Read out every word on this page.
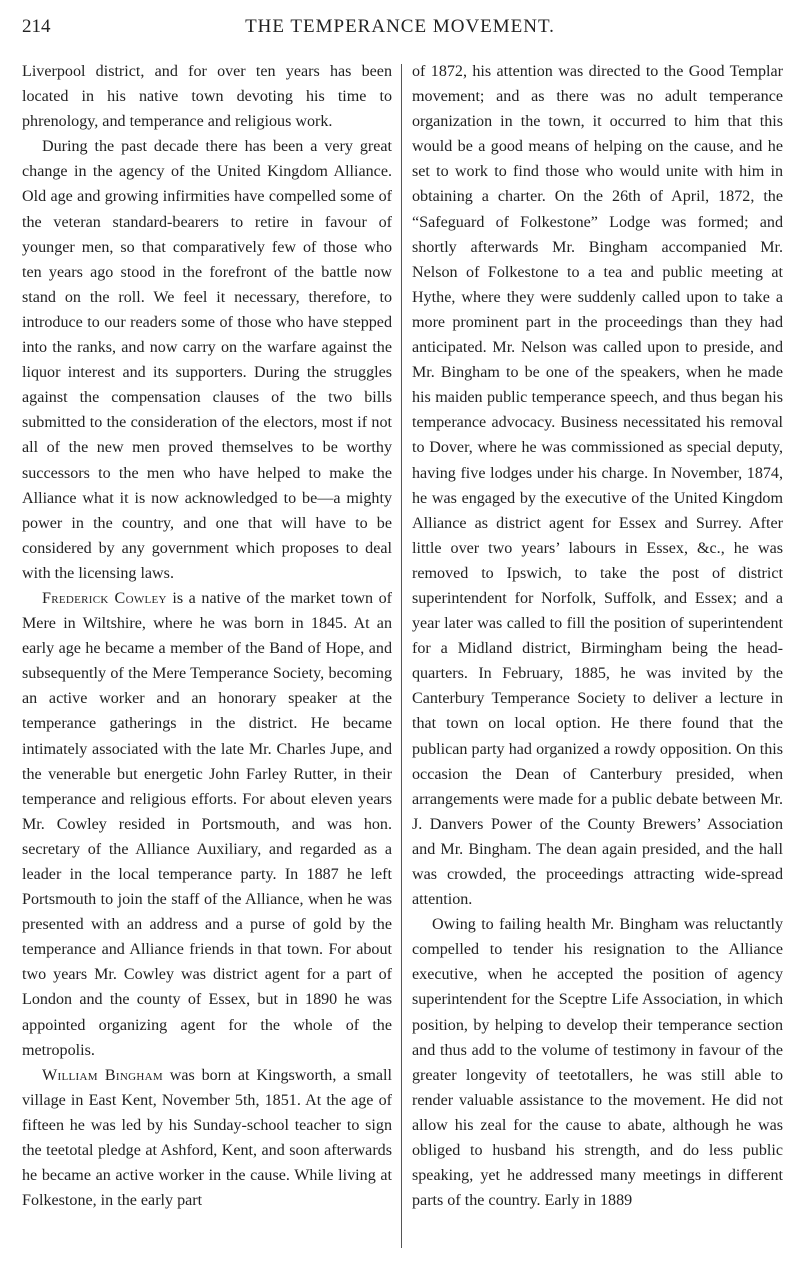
214	THE TEMPERANCE MOVEMENT.

Liverpool district, and for over ten years has been located in his native town devoting his time to phrenology, and temperance and religious work.

During the past decade there has been a very great change in the agency of the United Kingdom Alliance. Old age and growing infirmities have compelled some of the veteran standard-bearers to retire in favour of younger men, so that comparatively few of those who ten years ago stood in the forefront of the battle now stand on the roll. We feel it necessary, therefore, to introduce to our readers some of those who have stepped into the ranks, and now carry on the warfare against the liquor interest and its supporters. During the struggles against the compensation clauses of the two bills submitted to the consideration of the electors, most if not all of the new men proved themselves to be worthy successors to the men who have helped to make the Alliance what it is now acknowledged to be—a mighty power in the country, and one that will have to be considered by any government which proposes to deal with the licensing laws.

Frederick Cowley is a native of the market town of Mere in Wiltshire, where he was born in 1845. At an early age he became a member of the Band of Hope, and subsequently of the Mere Temperance Society, becoming an active worker and an honorary speaker at the temperance gatherings in the district. He became intimately associated with the late Mr. Charles Jupe, and the venerable but energetic John Farley Rutter, in their temperance and religious efforts. For about eleven years Mr. Cowley resided in Portsmouth, and was hon. secretary of the Alliance Auxiliary, and regarded as a leader in the local temperance party. In 1887 he left Portsmouth to join the staff of the Alliance, when he was presented with an address and a purse of gold by the temperance and Alliance friends in that town. For about two years Mr. Cowley was district agent for a part of London and the county of Essex, but in 1890 he was appointed organizing agent for the whole of the metropolis.

William Bingham was born at Kingsworth, a small village in East Kent, November 5th, 1851. At the age of fifteen he was led by his Sunday-school teacher to sign the teetotal pledge at Ashford, Kent, and soon afterwards he became an active worker in the cause. While living at Folkestone, in the early part

of 1872, his attention was directed to the Good Templar movement; and as there was no adult temperance organization in the town, it occurred to him that this would be a good means of helping on the cause, and he set to work to find those who would unite with him in obtaining a charter. On the 26th of April, 1872, the “Safeguard of Folkestone” Lodge was formed; and shortly afterwards Mr. Bingham accompanied Mr. Nelson of Folkestone to a tea and public meeting at Hythe, where they were suddenly called upon to take a more prominent part in the proceedings than they had anticipated. Mr. Nelson was called upon to preside, and Mr. Bingham to be one of the speakers, when he made his maiden public temperance speech, and thus began his temperance advocacy. Business necessitated his removal to Dover, where he was commissioned as special deputy, having five lodges under his charge. In November, 1874, he was engaged by the executive of the United Kingdom Alliance as district agent for Essex and Surrey. After little over two years’ labours in Essex, &c., he was removed to Ipswich, to take the post of district superintendent for Norfolk, Suffolk, and Essex; and a year later was called to fill the position of superintendent for a Midland district, Birmingham being the head-quarters. In February, 1885, he was invited by the Canterbury Temperance Society to deliver a lecture in that town on local option. He there found that the publican party had organized a rowdy opposition. On this occasion the Dean of Canterbury presided, when arrangements were made for a public debate between Mr. J. Danvers Power of the County Brewers’ Association and Mr. Bingham. The dean again presided, and the hall was crowded, the proceedings attracting wide-spread attention.

Owing to failing health Mr. Bingham was reluctantly compelled to tender his resignation to the Alliance executive, when he accepted the position of agency superintendent for the Sceptre Life Association, in which position, by helping to develop their temperance section and thus add to the volume of testimony in favour of the greater longevity of teetotallers, he was still able to render valuable assistance to the movement. He did not allow his zeal for the cause to abate, although he was obliged to husband his strength, and do less public speaking, yet he addressed many meetings in different parts of the country. Early in 1889
